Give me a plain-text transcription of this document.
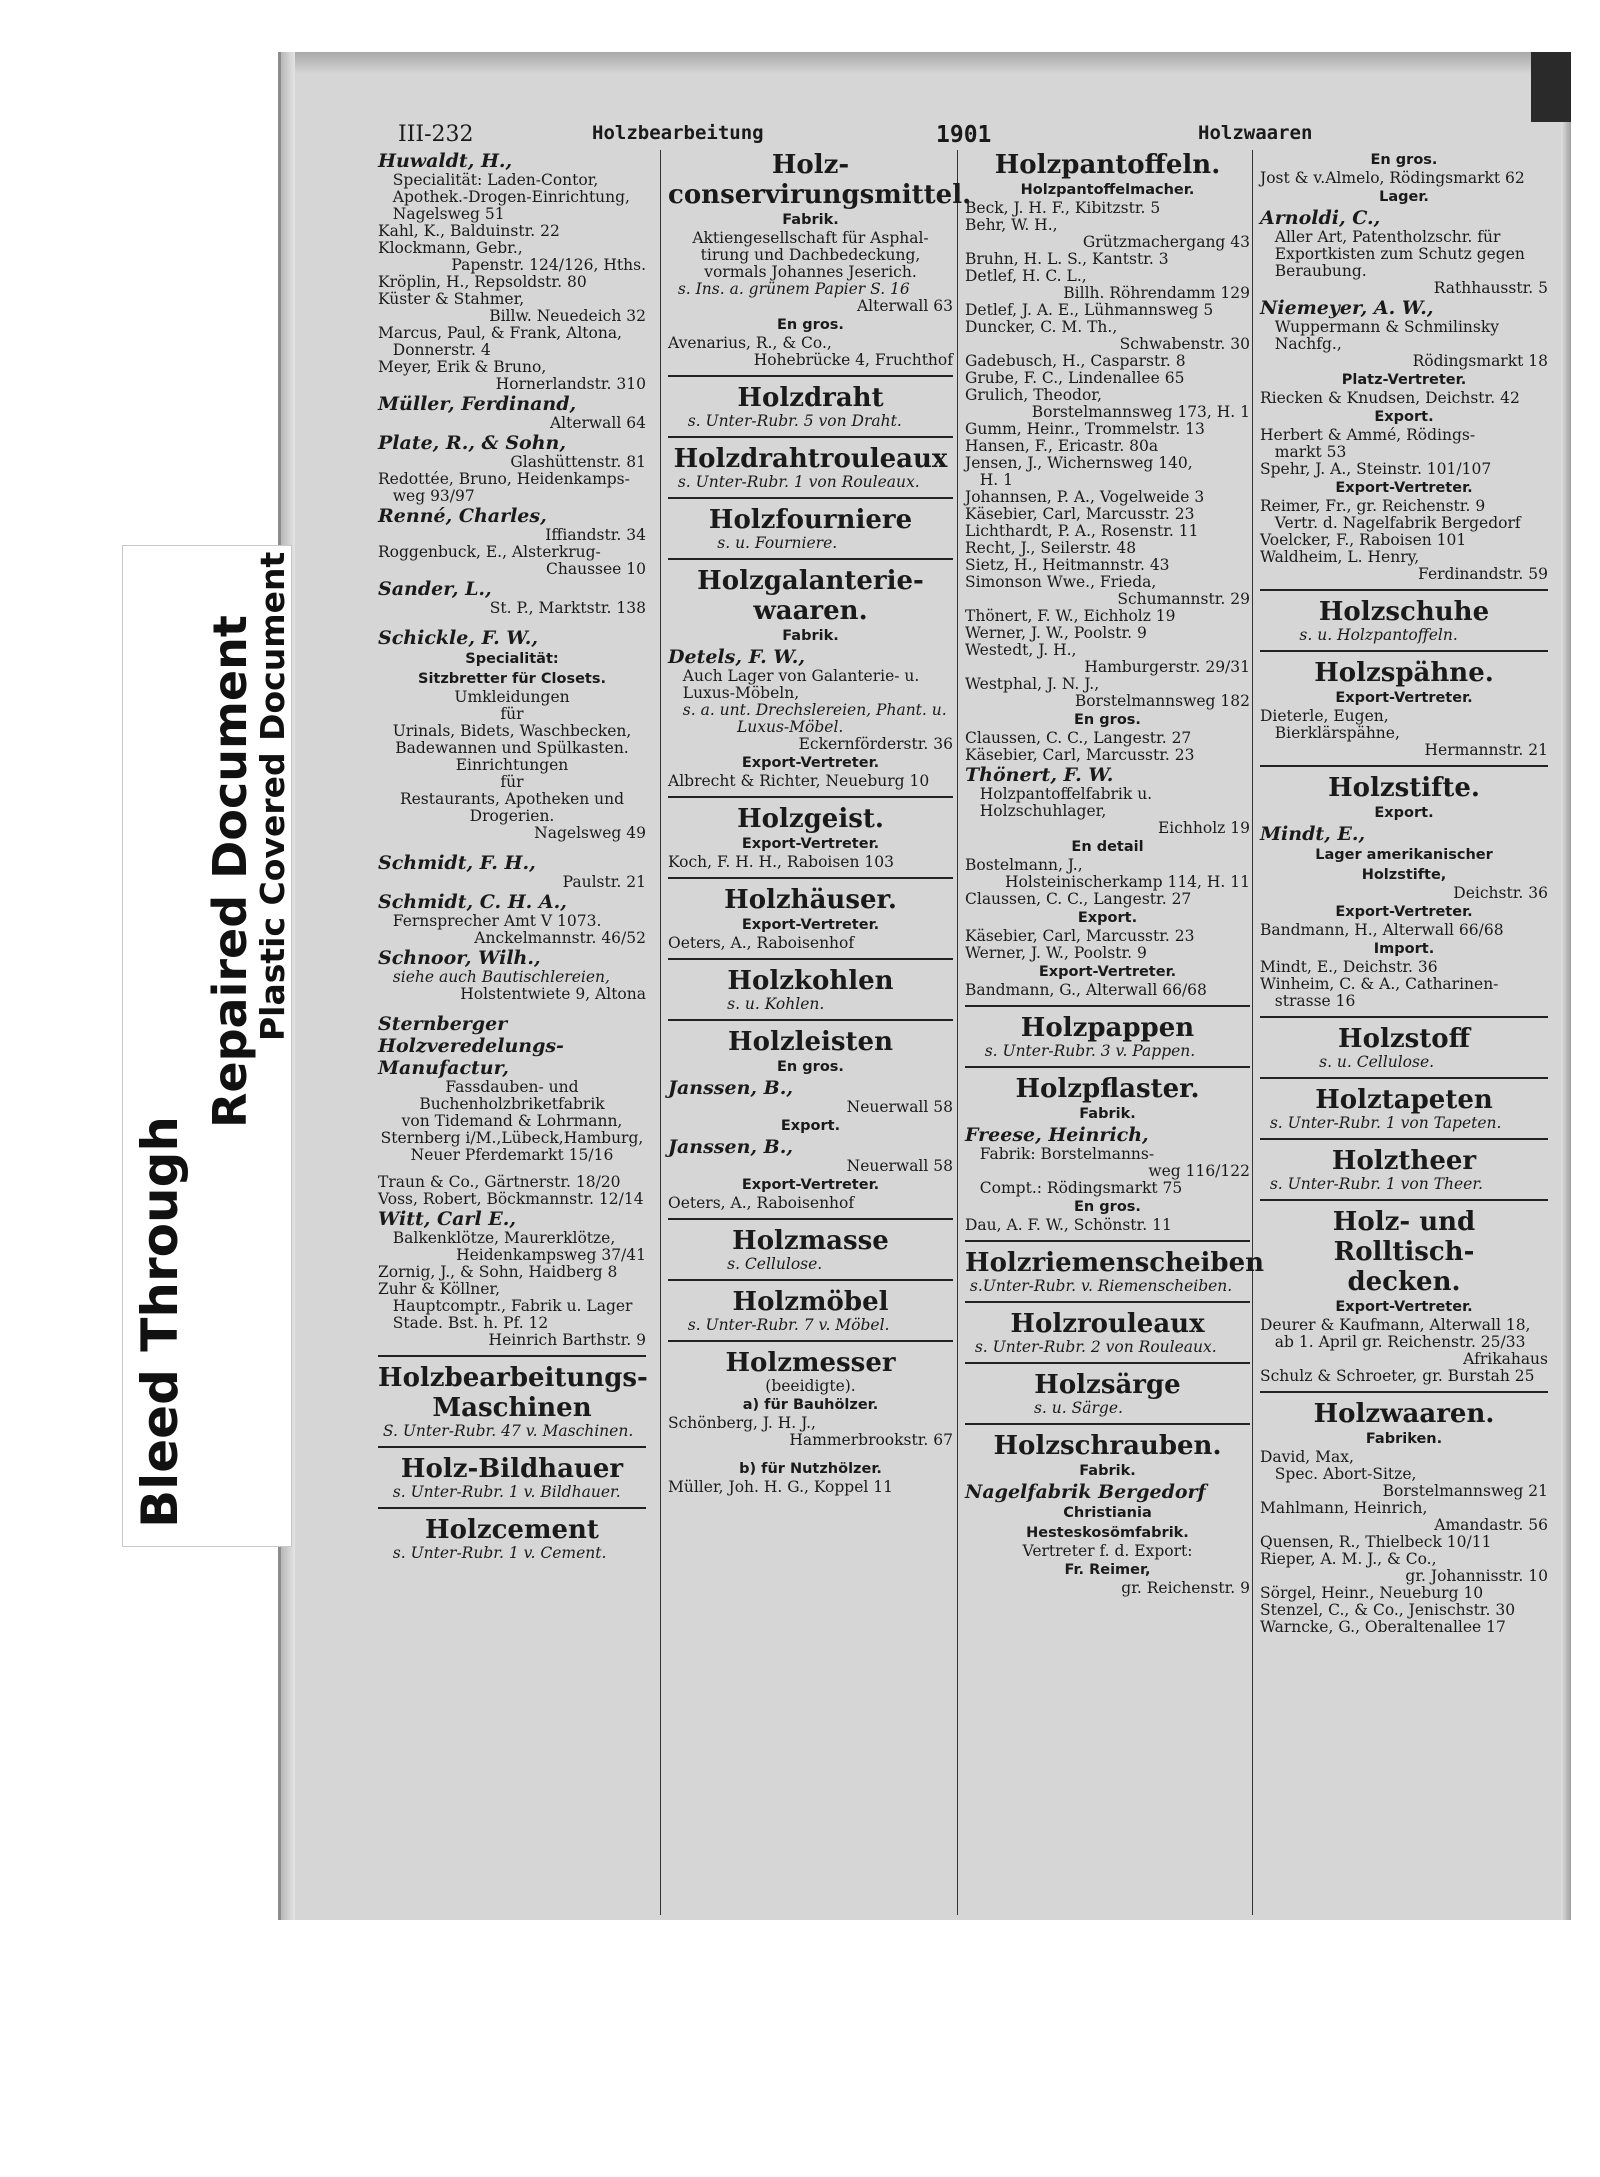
III-232	Holzbearbeitung	1901	Holzwaaren
Huwaldt, H.,
Specialität: Laden-Contor,
Apothek.-Drogen-Einrichtung,
Nagelsweg 51
Kahl, K., Balduinstr. 22
Klockmann, Gebr.,
Papenstr. 124/126, Hths.
Kröplin, H., Repsoldstr. 80
Küster & Stahmer,
Billw. Neuedeich 32
Marcus, Paul, & Frank, Altona,
Donnerstr. 4
Meyer, Erik & Bruno,
Hornerlandstr. 310
Müller, Ferdinand,
Alterwall 64
Plate, R., & Sohn,
Glashüttenstr. 81
Redottée, Bruno, Heidenkamps-
weg 93/97
Renné, Charles,
Iffiandstr. 34
Roggenbuck, E., Alsterkrug-
Chaussee 10
Sander, L.,
St. P., Marktstr. 138
Schickle, F. W.,
Specialität:
Sitzbretter für Closets.
Umkleidungen
für
Urinals, Bidets, Waschbecken,
Badewannen und Spülkasten.
Einrichtungen
für
Restaurants, Apotheken und
Drogerien.
Nagelsweg 49
Schmidt, F. H.,
Paulstr. 21
Schmidt, C. H. A.,
Fernsprecher Amt V 1073.
Anckelmannstr. 46/52
Schnoor, Wilh.,
siehe auch Bautischlereien,
Holstentwiete 9, Altona
Sternberger
Holzveredelungs-
Manufactur,
Fassdauben- und
Buchenholzbriketfabrik
von Tidemand & Lohrmann,
Sternberg i/M.,Lübeck,Hamburg,
Neuer Pferdemarkt 15/16
Traun & Co., Gärtnerstr. 18/20
Voss, Robert, Böckmannstr. 12/14
Witt, Carl E.,
Balkenklötze, Maurerklötze,
Heidenkampsweg 37/41
Zornig, J., & Sohn, Haidberg 8
Zuhr & Köllner,
Hauptcomptr., Fabrik u. Lager
Stade. Bst. h. Pf. 12
Heinrich Barthstr. 9
Holzbearbeitungs-
Maschinen
S. Unter-Rubr. 47 v. Maschinen.
Holz-Bildhauer
s. Unter-Rubr. 1 v. Bildhauer.
Holzcement
s. Unter-Rubr. 1 v. Cement.
Holz-
conservirungsmittel.
Fabrik.
Aktiengesellschaft für Asphal-
tirung und Dachbedeckung,
vormals Johannes Jeserich.
s. Ins. a. grünem Papier S. 16
Alterwall 63
En gros.
Avenarius, R., & Co.,
Hohebrücke 4, Fruchthof
Holzdraht
s. Unter-Rubr. 5 von Draht.
Holzdrahtrouleaux
s. Unter-Rubr. 1 von Rouleaux.
Holzfourniere
s. u. Fourniere.
Holzgalanterie-
waaren.
Fabrik.
Detels, F. W.,
Auch Lager von Galanterie- u.
Luxus-Möbeln,
s. a. unt. Drechslereien, Phant. u.
Luxus-Möbel.
Eckernförderstr. 36
Export-Vertreter.
Albrecht & Richter, Neueburg 10
Holzgeist.
Export-Vertreter.
Koch, F. H. H., Raboisen 103
Holzhäuser.
Export-Vertreter.
Oeters, A., Raboisenhof
Holzkohlen
s. u. Kohlen.
Holzleisten
En gros.
Janssen, B.,
Neuerwall 58
Export.
Janssen, B.,
Neuerwall 58
Export-Vertreter.
Oeters, A., Raboisenhof
Holzmasse
s. Cellulose.
Holzmöbel
s. Unter-Rubr. 7 v. Möbel.
Holzmesser
(beeidigte).
a) für Bauhölzer.
Schönberg, J. H. J.,
Hammerbrookstr. 67
b) für Nutzhölzer.
Müller, Joh. H. G., Koppel 11
Holzpantoffeln.
Holzpantoffelmacher.
Beck, J. H. F., Kibitzstr. 5
Behr, W. H.,
Grützmachergang 43
Bruhn, H. L. S., Kantstr. 3
Detlef, H. C. L.,
Billh. Röhrendamm 129
Detlef, J. A. E., Lühmannsweg 5
Duncker, C. M. Th.,
Schwabenstr. 30
Gadebusch, H., Casparstr. 8
Grube, F. C., Lindenallee 65
Grulich, Theodor,
Borstelmannsweg 173, H. 1
Gumm, Heinr., Trommelstr. 13
Hansen, F., Ericastr. 80a
Jensen, J., Wichernsweg 140,
H. 1
Johannsen, P. A., Vogelweide 3
Käsebier, Carl, Marcusstr. 23
Lichthardt, P. A., Rosenstr. 11
Recht, J., Seilerstr. 48
Sietz, H., Heitmannstr. 43
Simonson Wwe., Frieda,
Schumannstr. 29
Thönert, F. W., Eichholz 19
Werner, J. W., Poolstr. 9
Westedt, J. H.,
Hamburgerstr. 29/31
Westphal, J. N. J.,
Borstelmannsweg 182
En gros.
Claussen, C. C., Langestr. 27
Käsebier, Carl, Marcusstr. 23
Thönert, F. W.
Holzpantoffelfabrik u.
Holzschuhlager,
Eichholz 19
En detail
Bostelmann, J.,
Holsteinischerkamp 114, H. 11
Claussen, C. C., Langestr. 27
Export.
Käsebier, Carl, Marcusstr. 23
Werner, J. W., Poolstr. 9
Export-Vertreter.
Bandmann, G., Alterwall 66/68
Holzpappen
s. Unter-Rubr. 3 v. Pappen.
Holzpflaster.
Fabrik.
Freese, Heinrich,
Fabrik: Borstelmanns-
weg 116/122
Compt.: Rödingsmarkt 75
En gros.
Dau, A. F. W., Schönstr. 11
Holzriemenscheiben
s.Unter-Rubr. v. Riemenscheiben.
Holzrouleaux
s. Unter-Rubr. 2 von Rouleaux.
Holzsärge
s. u. Särge.
Holzschrauben.
Fabrik.
Nagelfabrik Bergedorf
Christiania
Hesteskosömfabrik.
Vertreter f. d. Export:
Fr. Reimer,
gr. Reichenstr. 9
En gros.
Jost & v.Almelo, Rödingsmarkt 62
Lager.
Arnoldi, C.,
Aller Art, Patentholzschr. für
Exportkisten zum Schutz gegen
Beraubung.
Rathhausstr. 5
Niemeyer, A. W.,
Wuppermann & Schmilinsky
Nachfg.,
Rödingsmarkt 18
Platz-Vertreter.
Riecken & Knudsen, Deichstr. 42
Export.
Herbert & Ammé, Rödings-
markt 53
Spehr, J. A., Steinstr. 101/107
Export-Vertreter.
Reimer, Fr., gr. Reichenstr. 9
Vertr. d. Nagelfabrik Bergedorf
Voelcker, F., Raboisen 101
Waldheim, L. Henry,
Ferdinandstr. 59
Holzschuhe
s. u. Holzpantoffeln.
Holzspähne.
Export-Vertreter.
Dieterle, Eugen,
Bierklärspähne,
Hermannstr. 21
Holzstifte.
Export.
Mindt, E.,
Lager amerikanischer
Holzstifte,
Deichstr. 36
Export-Vertreter.
Bandmann, H., Alterwall 66/68
Import.
Mindt, E., Deichstr. 36
Winheim, C. & A., Catharinen-
strasse 16
Holzstoff
s. u. Cellulose.
Holztapeten
s. Unter-Rubr. 1 von Tapeten.
Holztheer
s. Unter-Rubr. 1 von Theer.
Holz- und Rolltisch-
decken.
Export-Vertreter.
Deurer & Kaufmann, Alterwall 18,
ab 1. April gr. Reichenstr. 25/33
Afrikahaus
Schulz & Schroeter, gr. Burstah 25
Holzwaaren.
Fabriken.
David, Max,
Spec. Abort-Sitze,
Borstelmannsweg 21
Mahlmann, Heinrich,
Amandastr. 56
Quensen, R., Thielbeck 10/11
Rieper, A. M. J., & Co.,
gr. Johannisstr. 10
Sörgel, Heinr., Neueburg 10
Stenzel, C., & Co., Jenischstr. 30
Warncke, G., Oberaltenallee 17
Bleed Through
Repaired Document
Plastic Covered Document
